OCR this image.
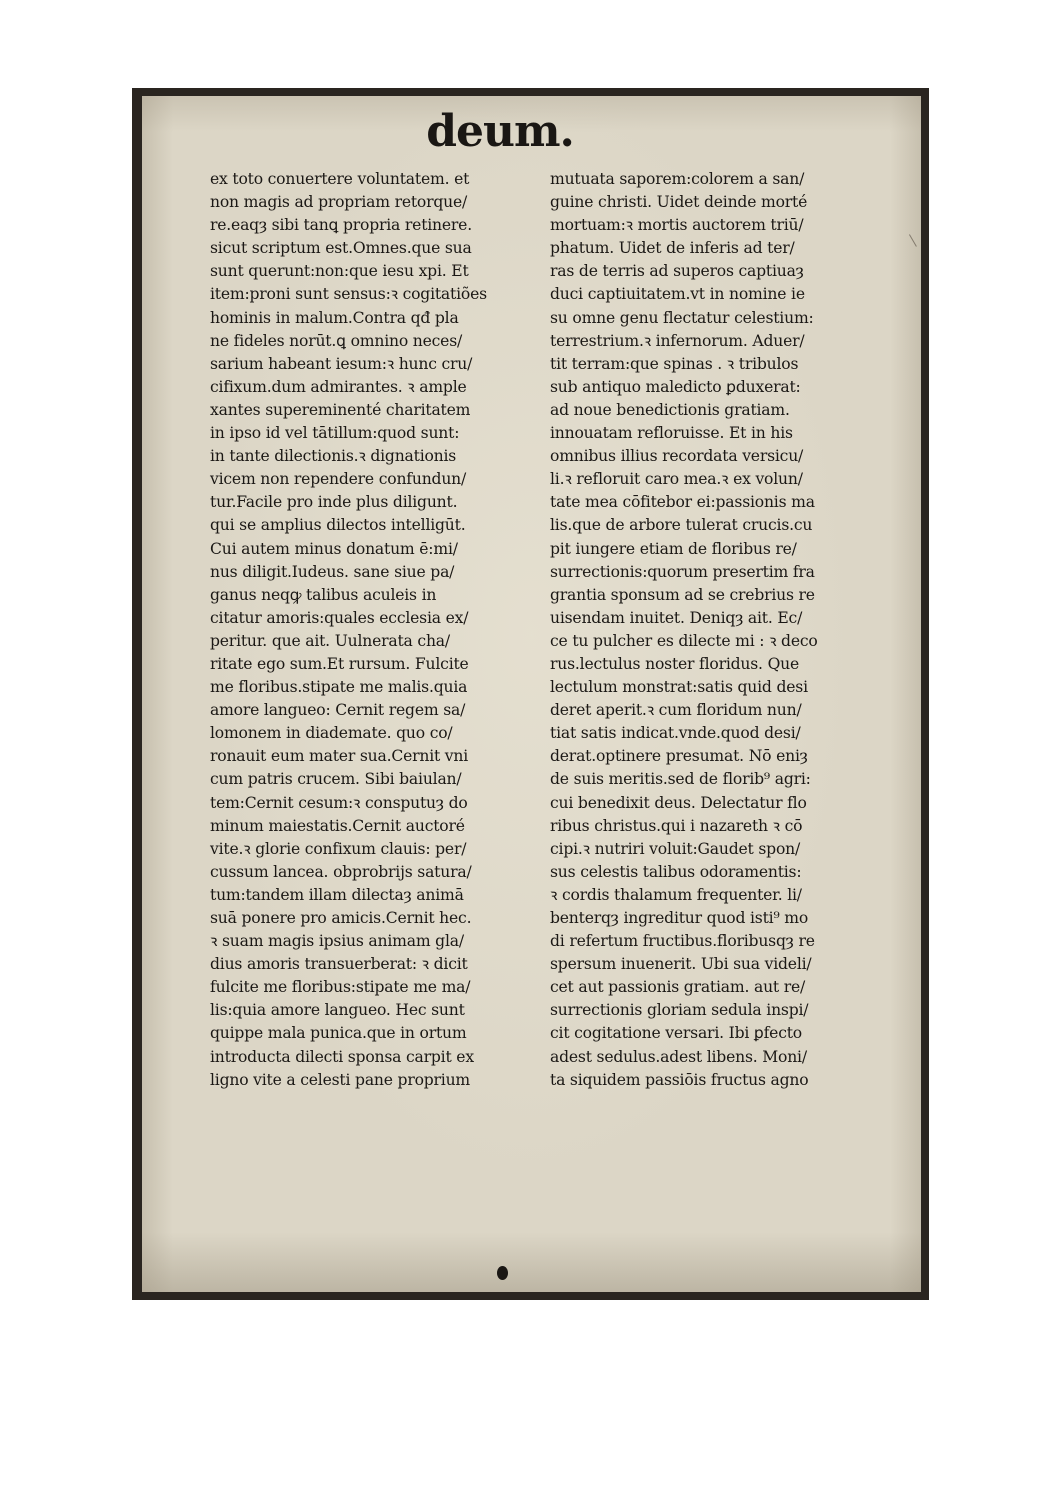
deum.
ex toto conuertere voluntatem. et
non magis ad propriam retorque/
re.eaqȝ sibi tanꝗ propria retinere.
sicut scriptum est.Omnes.que sua
sunt querunt:non:que iesu xpi. Et
item:proni sunt sensus:ꝛ cogitatiões
hominis in malum.Contra qđ pla
ne fideles norūt.ꝗ omnino neces/
sarium habeant iesum:ꝛ hunc cru/
cifixum.dum admirantes. ꝛ ample
xantes supereminenté charitatem
in ipso id vel tātillum:quod sunt:
in tante dilectionis.ꝛ dignationis
vicem non rependere confundun/
tur.Facile pro inde plus diligunt.
qui se amplius dilectos intelligūt.
Cui autem minus donatum ē:mi/
nus diligit.Iudeus. sane siue pa/
ganus neqꝙ talibus aculeis in
citatur amoris:quales ecclesia ex/
peritur. que ait. Uulnerata cha/
ritate ego sum.Et rursum. Fulcite
me floribus.stipate me malis.quia
amore langueo: Cernit regem sa/
lomonem in diademate. quo co/
ronauit eum mater sua.Cernit vni
cum patris crucem. Sibi baiulan/
tem:Cernit cesum:ꝛ consputuȝ do
minum maiestatis.Cernit auctoré
vite.ꝛ glorie confixum clauis: per/
cussum lancea. obprobrijs satura/
tum:tandem illam dilectaȝ animā
suā ponere pro amicis.Cernit hec.
ꝛ suam magis ipsius animam gla/
dius amoris transuerberat: ꝛ dicit
fulcite me floribus:stipate me ma/
lis:quia amore langueo. Hec sunt
quippe mala punica.que in ortum
introducta dilecti sponsa carpit ex
ligno vite a celesti pane proprium
mutuata saporem:colorem a san/
guine christi. Uidet deinde morté
mortuam:ꝛ mortis auctorem triū/
phatum. Uidet de inferis ad ter/
ras de terris ad superos captiuaȝ
duci captiuitatem.vt in nomine ie
su omne genu flectatur celestium:
terrestrium.ꝛ infernorum. Aduer/
tit terram:que spinas . ꝛ tribulos
sub antiquo maledicto ꝑduxerat:
ad noue benedictionis gratiam.
innouatam refloruisse. Et in his
omnibus illius recordata versicu/
li.ꝛ refloruit caro mea.ꝛ ex volun/
tate mea cōfitebor ei:passionis ma
lis.que de arbore tulerat crucis.cu
pit iungere etiam de floribus re/
surrectionis:quorum presertim fra
grantia sponsum ad se crebrius re
uisendam inuitet. Deniqȝ ait. Ec/
ce tu pulcher es dilecte mi : ꝛ deco
rus.lectulus noster floridus. Que
lectulum monstrat:satis quid desi
deret aperit.ꝛ cum floridum nun/
tiat satis indicat.vnde.quod desi/
derat.optinere presumat. Nō eniȝ
de suis meritis.sed de florib⁹ agri:
cui benedixit deus. Delectatur flo
ribus christus.qui i nazareth ꝛ cō
cipi.ꝛ nutriri voluit:Gaudet spon/
sus celestis talibus odoramentis:
ꝛ cordis thalamum frequenter. li/
benterqȝ ingreditur quod isti⁹ mo
di refertum fructibus.floribusqȝ re
spersum inuenerit. Ubi sua videli/
cet aut passionis gratiam. aut re/
surrectionis gloriam sedula inspi/
cit cogitatione versari. Ibi ꝑfecto
adest sedulus.adest libens. Moni/
ta siquidem passiōis fructus agno
